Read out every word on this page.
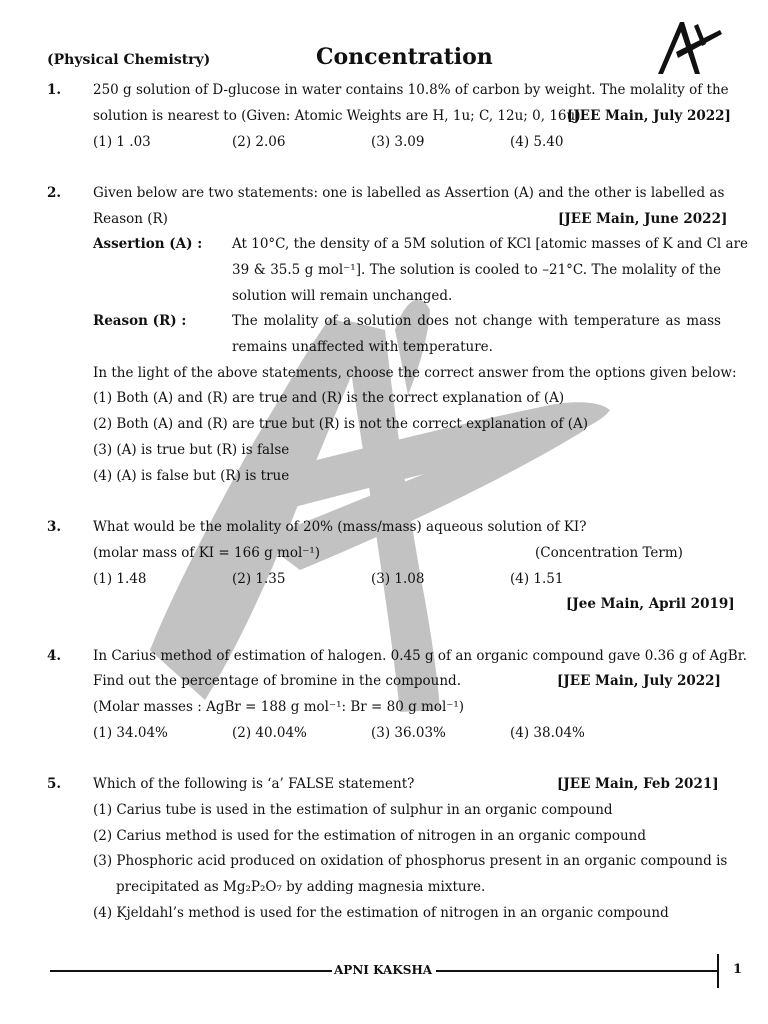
(Physical Chemistry)	Concentration
1. 250 g solution of D-glucose in water contains 10.8% of carbon by weight. The molality of the
solution is nearest to (Given: Atomic Weights are H, 1u; C, 12u; 0, 16u)
[JEE Main, July 2022]
(1) 1 .03	(2) 2.06	(3) 3.09	(4) 5.40
2. Given below are two statements: one is labelled as Assertion (A) and the other is labelled as
Reason (R)	[JEE Main, June 2022]
Assertion (A) : At 10°C, the density of a 5M solution of KCl [atomic masses of K and Cl are
39 & 35.5 g mol⁻¹]. The solution is cooled to –21°C. The molality of the
solution will remain unchanged.
Reason (R) :	The molality of a solution does not change with temperature as mass
remains unaffected with temperature.
In the light of the above statements, choose the correct answer from the options given below:
(1) Both (A) and (R) are true and (R) is the correct explanation of (A)
(2) Both (A) and (R) are true but (R) is not the correct explanation of (A)
(3) (A) is true but (R) is false
(4) (A) is false but (R) is true
3. What would be the molality of 20% (mass/mass) aqueous solution of KI?
(molar mass of KI = 166 g mol⁻¹)	(Concentration Term)
(1) 1.48	(2) 1.35	(3) 1.08	(4) 1.51
[Jee Main, April 2019]
4. In Carius method of estimation of halogen. 0.45 g of an organic compound gave 0.36 g of AgBr.
Find out the percentage of bromine in the compound.	[JEE Main, July 2022]
(Molar masses : AgBr = 188 g mol⁻¹: Br = 80 g mol⁻¹)
(1) 34.04%	(2) 40.04%	(3) 36.03%	(4) 38.04%
5. Which of the following is ‘a’ FALSE statement?	[JEE Main, Feb 2021]
(1) Carius tube is used in the estimation of sulphur in an organic compound
(2) Carius method is used for the estimation of nitrogen in an organic compound
(3) Phosphoric acid produced on oxidation of phosphorus present in an organic compound is
precipitated as Mg₂P₂O₇ by adding magnesia mixture.
(4) Kjeldahl’s method is used for the estimation of nitrogen in an organic compound
APNI KAKSHA	1
